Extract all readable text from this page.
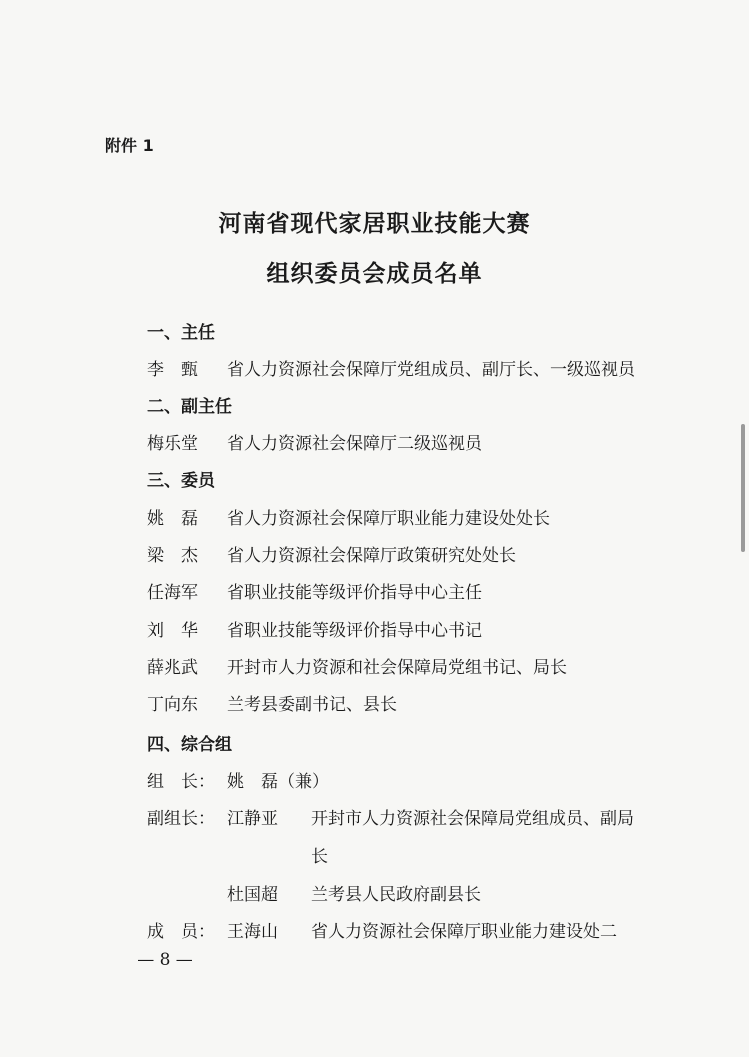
附件 1
河南省现代家居职业技能大赛
组织委员会成员名单
一、主任
李　甄 省人力资源社会保障厅党组成员、副厅长、一级巡视员
二、副主任
梅乐堂 省人力资源社会保障厅二级巡视员
三、委员
姚　磊 省人力资源社会保障厅职业能力建设处处长
梁　杰 省人力资源社会保障厅政策研究处处长
任海军 省职业技能等级评价指导中心主任
刘　华 省职业技能等级评价指导中心书记
薛兆武 开封市人力资源和社会保障局党组书记、局长
丁向东 兰考县委副书记、县长
四、综合组
组　长： 姚　磊（兼）
副组长： 江静亚 开封市人力资源社会保障局党组成员、副局
长
杜国超 兰考县人民政府副县长
成　员： 王海山 省人力资源社会保障厅职业能力建设处二
— 8 —
